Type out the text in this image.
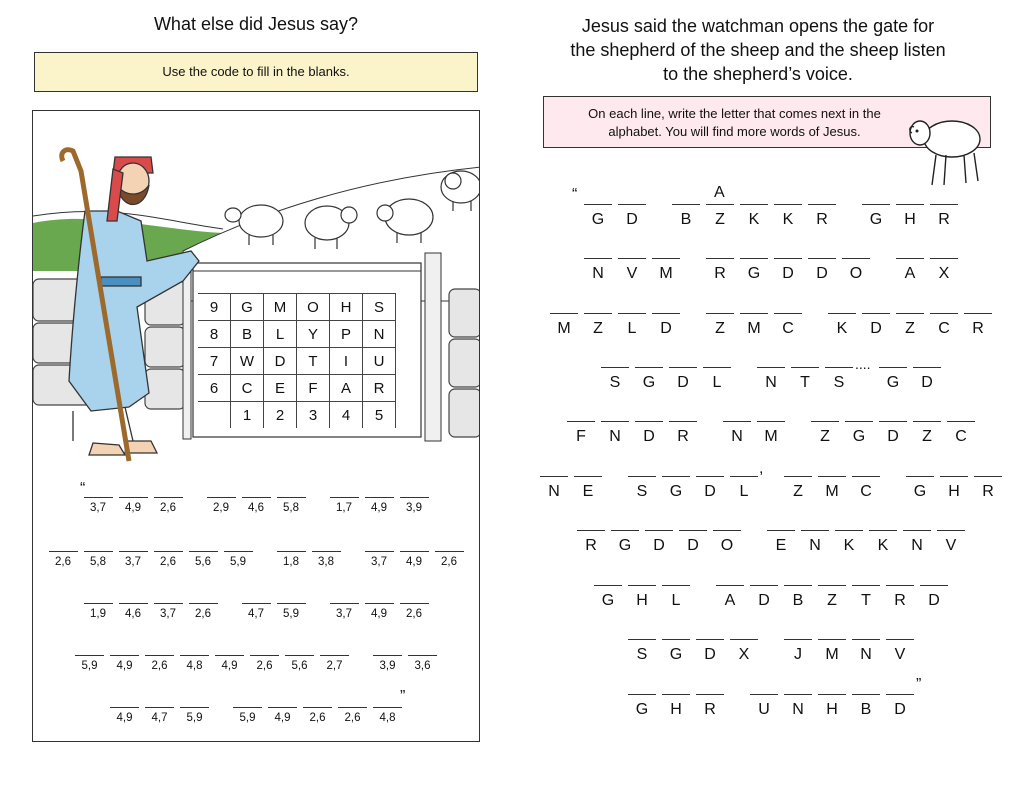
What else did Jesus say?
Use the code to fill in the blanks.
9	G	M	O	H	S
8	B	L	Y	P	N
7	W	D	T	I	U
6	C	E	F	A	R
	1	2	3	4	5
3,7	4,9	2,6	2,9	4,6	5,8	1,7	4,9	3,9
2,6	5,8	3,7	2,6	5,6	5,9	1,8	3,8	3,7	4,9	2,6
1,9	4,6	3,7	2,6	4,7	5,9	3,7	4,9	2,6
5,9	4,9	2,6	4,8	4,9	2,6	5,6	2,7	3,9	3,6
4,9	4,7	5,9	5,9	4,9	2,6	2,6	4,8
“
”
Jesus said the watchman opens the gate for
the shepherd of the sheep and the sheep listen
to the shepherd’s voice.
On each line, write the letter that comes next in the alphabet. You will find more words of Jesus.
G	D	B	Z	K	K	R	G	H	R
N	V	M	R	G	D	D	O	A	X
M	Z	L	D	Z	M	C	K	D	Z	C	R
S	G	D	L	N	T	S	G	D
F	N	D	R	N	M	Z	G	D	Z	C
N	E	S	G	D	L	Z	M	C	G	H	R
R	G	D	D	O	E	N	K	K	N	V
G	H	L	A	D	B	Z	T	R	D
S	G	D	X	J	M	N	V
G	H	R	U	N	H	B	D
A
“
....
,
”
